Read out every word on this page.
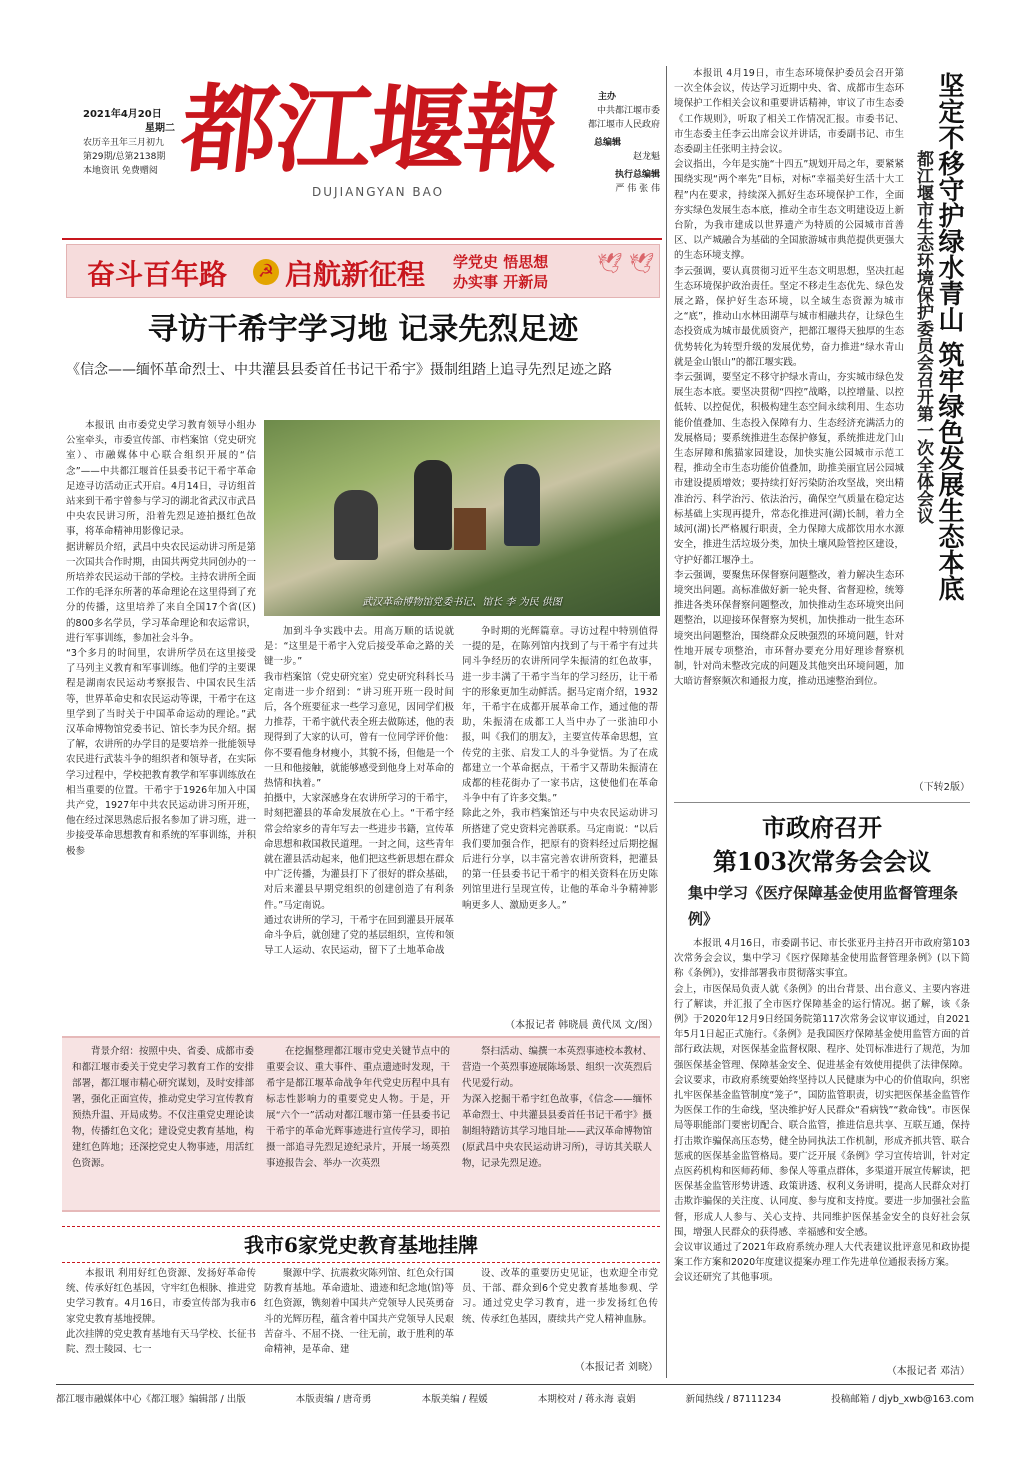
2021年4月20日
星期二
农历辛丑年三月初九
第29期/总第2138期
本地资讯 免费赠阅 都江堰報
DUJIANGYAN BAO
主办
中共都江堰市委
都江堰市人民政府
总编辑
赵龙魁
执行总编辑
严 伟 张 伟
奋斗百年路 ☭ 启航新征程 学党史 悟思想
办实事 开新局
🕊 🕊
寻访干希宇学习地 记录先烈足迹
《信念——缅怀革命烈士、中共灌县县委首任书记干希宇》摄制组踏上追寻先烈足迹之路

本报讯 由市委党史学习教育领导小组办公室牵头，市委宣传部、市档案馆（党史研究室）、市融媒体中心联合组织开展的“信念”——中共都江堰首任县委书记干希宇革命足迹寻访活动正式开启。4月14日，寻访组首站来到干希宇曾参与学习的湖北省武汉市武昌中央农民讲习所，沿着先烈足迹拍摄红色故事，将革命精神用影像记录。
据讲解员介绍，武昌中央农民运动讲习所是第一次国共合作时期，由国共两党共同创办的一所培养农民运动干部的学校。主持农讲所全面工作的毛泽东所著的革命理论在这里得到了充分的传播，这里培养了来自全国17个省(区)的800多名学员，学习革命理论和农运常识，进行军事训练，参加社会斗争。
“3个多月的时间里，农讲所学员在这里接受了马列主义教育和军事训练。他们学的主要课程是湖南农民运动考察报告、中国农民生活等，世界革命史和农民运动等课，干希宇在这里学到了当时关于中国革命运动的理论。”武汉革命博物馆党委书记、馆长李为民介绍。据了解，农讲所的办学目的是要培养一批能领导农民进行武装斗争的组织者和领导者，在实际学习过程中，学校把教育教学和军事训练放在相当重要的位置。干希宇于1926年加入中国共产党，1927年中共农民运动讲习所开班，他在经过深思熟虑后报名参加了讲习班，进一步接受革命思想教育和系统的军事训练，并积极参

武汉革命博物馆党委书记、馆长 李 为民 供图

加到斗争实践中去。用高万顺的话说就是：“这里是干希宇入党后接受革命之路的关键一步。”
我市档案馆（党史研究室）党史研究科科长马定南进一步介绍到：“讲习班开班一段时间后，各个班要征求一些学习意见，因同学们极力推荐，干希宇就代表全班去做陈述，他的表现得到了大家的认可，曾有一位同学评价他：你不要看他身材瘦小，其貌不扬，但他是一个一旦和他接触，就能够感受到他身上对革命的热情和执着。”
拍摄中，大家深感身在农讲所学习的干希宇，时刻把灌县的革命发展放在心上。“干希宇经常会给家乡的青年写去一些进步书籍，宣传革命思想和救国救民道理。一封之间，这些青年就在灌县活动起来，他们把这些新思想在群众中广泛传播，为灌县打下了很好的群众基础，对后来灌县早期党组织的创建创造了有利条件。”马定南说。
通过农讲所的学习，干希宇在回到灌县开展革命斗争后，就创建了党的基层组织，宣传和领导工人运动、农民运动，留下了土地革命战

争时期的光辉篇章。寻访过程中特别值得一提的是，在陈列馆内找到了与干希宇有过共同斗争经历的农讲所同学朱振清的红色故事，进一步丰满了干希宇当年的学习经历，让干希宇的形象更加生动鲜活。据马定南介绍，1932年，干希宇在成都开展革命工作，通过他的帮助，朱振清在成都工人当中办了一张油印小报，叫《我们的朋友》，主要宣传革命思想，宣传党的主张、启发工人的斗争觉悟。为了在成都建立一个革命据点，干希宇又帮助朱振清在成都的桂花街办了一家书店，这使他们在革命斗争中有了许多交集。”
除此之外，我市档案馆还与中央农民运动讲习所搭建了党史资料完善联系。马定南说：“以后我们要加强合作，把原有的资料经过后期挖掘后进行分享，以丰富完善农讲所资料，把灌县的第一任县委书记干希宇的相关资料在历史陈列馆里进行呈现宣传，让他的革命斗争精神影响更多人、激励更多人。”

（本报记者 韩晓晨 黄代凤 文/图）

背景介绍：按照中央、省委、成都市委和都江堰市委关于党史学习教育工作的安排部署，都江堰市精心研究谋划，及时安排部署，强化正面宣传，推动党史学习宣传教育预热升温、开局成势。不仅注重党史理论读物，传播红色文化；建设党史教育基地，构建红色阵地；还深挖党史人物事迹，用活红色资源。

在挖掘整理都江堰市党史关键节点中的重要会议、重大事件、重点遗迹时发现，干希宇是都江堰革命战争年代党史历程中具有标志性影响力的重要党史人物。于是，开展“六个一”活动对都江堰市第一任县委书记干希宇的革命光辉事迹进行宣传学习，即拍摄一部追寻先烈足迹纪录片，开展一场英烈事迹报告会、举办一次英烈

祭扫活动、编撰一本英烈事迹校本教材、营造一个英烈事迹展陈场景、组织一次英烈后代见爱行动。
为深入挖掘干希宇红色故事，《信念——缅怀革命烈士、中共灌县县委首任书记干希宇》摄制组特踏访其学习地目址——武汉革命博物馆(原武昌中央农民运动讲习所)，寻访其关联人物，记录先烈足迹。

我市6家党史教育基地挂牌

本报讯 利用好红色资源、发扬好革命传统、传承好红色基因，守牢红色根脉、推进党史学习教育。4月16日，市委宣传部为我市6家党史教育基地授牌。
此次挂牌的党史教育基地有天马学校、长征书院、烈士陵园、七一

聚源中学、抗震救灾陈列馆、红色众行国防教育基地。革命遗址、遗迹和纪念地(馆)等红色资源，镌刻着中国共产党领导人民英勇奋斗的光辉历程，蕴含着中国共产党领导人民艰苦奋斗、不屈不挠、一往无前，敢于胜利的革命精神，是革命、建

设、改革的重要历史见证，也欢迎全市党员、干部、群众到6个党史教育基地参观、学习。通过党史学习教育，进一步发扬红色传统、传承红色基因，赓续共产党人精神血脉。

（本报记者 刘晓）

本报讯 4月19日，市生态环境保护委员会召开第一次全体会议，传达学习近期中央、省、成都市生态环境保护工作相关会议和重要讲话精神，审议了市生态委《工作规则》，听取了相关工作情况汇报。市委书记、市生态委主任李云出席会议并讲话，市委副书记、市生态委副主任张明主持会议。
会议指出，今年是实施“十四五”规划开局之年，要紧紧围绕实现“两个率先”目标，对标“幸福美好生活十大工程”内在要求，持续深入抓好生态环境保护工作，全面夯实绿色发展生态本底，推动全市生态文明建设迈上新台阶，为我市建成以世界遗产为特质的公园城市首善区、以产城融合为基础的全国旅游城市典范提供更强大的生态环境支撑。
李云强调，要认真贯彻习近平生态文明思想，坚决扛起生态环境保护政治责任。坚定不移走生态优先、绿色发展之路，保护好生态环境，以全域生态资源为城市之“底”，推动山水林田湖草与城市相融共存，让绿色生态投资成为城市最优质资产，把都江堰得天独厚的生态优势转化为转型升级的发展优势，奋力推进“绿水青山就是金山银山”的都江堰实践。
李云强调，要坚定不移守护绿水青山，夯实城市绿色发展生态本底。要坚决贯彻“四控”战略，以控增量、以控低转、以控促优，积极构建生态空间永续利用、生态功能价值叠加、生态投入保障有力、生态经济充满活力的发展格局；要系统推进生态保护修复，系统推进龙门山生态屏障和熊猫家园建设，加快实施公园城市示范工程，推动全市生态功能价值叠加，助推美丽宜居公园城市建设提质增效；要持续打好污染防治攻坚战，突出精准治污、科学治污、依法治污，确保空气质量在稳定达标基础上实现再提升，常态化推进河(湖)长制，着力全域河(湖)长严格履行职责，全力保障大成都饮用水水源安全，推进生活垃圾分类，加快土壤风险管控区建设，守护好都江堰净土。
李云强调，要聚焦环保督察问题整改，着力解决生态环境突出问题。高标准做好新一轮央督、省督迎检，统筹推进各类环保督察问题整改，加快推动生态环境突出问题整治，以迎接环保督察为契机，加快推动一批生态环境突出问题整治，围绕群众反映强烈的环境问题，针对性地开展专项整治，市环督办要充分用好理诊督察机制，针对尚未整改完成的问题及其他突出环境问题，加大暗访督察频次和通报力度，推动迅速整治到位。

（下转2版）
坚定不移守护绿水青山 筑牢绿色发展生态本底
都江堰市生态环境保护委员会召开第一次全体会议
市政府召开
第103次常务会会议
集中学习《医疗保障基金使用监督管理条例》

本报讯 4月16日，市委副书记、市长张亚丹主持召开市政府第103次常务会会议，集中学习《医疗保障基金使用监督管理条例》(以下简称《条例》)，安排部署我市贯彻落实事宜。
会上，市医保局负责人就《条例》的出台背景、出台意义、主要内容进行了解读，并汇报了全市医疗保障基金的运行情况。据了解，该《条例》于2020年12月9日经国务院第117次常务会议审议通过，自2021年5月1日起正式施行。《条例》是我国医疗保障基金使用监管方面的首部行政法规，对医保基金监督权限、程序、处罚标准进行了规范，为加强医保基金管理、保障基金安全、促进基金有效使用提供了法律保障。
会议要求，市政府系统要始终坚持以人民健康为中心的价值取向，织密扎牢医保基金监管制度“笼子”，国防监管职责，切实把医保基金监管作为医保工作的生命线，坚决维护好人民群众“看病钱”“救命钱”。市医保局等职能部门要密切配合、联合监管，推进信息共享、互联互通，保持打击欺诈骗保高压态势，健全协同执法工作机制，形成齐抓共管、联合惩戒的医保基金监管格局。要广泛开展《条例》学习宣传培训，针对定点医药机构和医师药师、参保人等重点群体，多渠道开展宣传解读，把医保基金监管形势讲透、政策讲透、权利义务讲明，提高人民群众对打击欺诈骗保的关注度、认同度、参与度和支持度。要进一步加强社会监督，形成人人参与、关心支持、共同维护医保基金安全的良好社会氛围，增强人民群众的获得感、幸福感和安全感。
会议审议通过了2021年政府系统办理人大代表建议批评意见和政协提案工作方案和2020年度建议提案办理工作先进单位通报表扬方案。
会议还研究了其他事项。

（本报记者 邓洁）
都江堰市融媒体中心《都江堰》编辑部 / 出版	本版责编 / 唐奇勇	本版美编 / 程媛	本期校对 / 蒋永海 袁娟	新闻热线 / 87111234	投稿邮箱 / djyb_xwb@163.com
